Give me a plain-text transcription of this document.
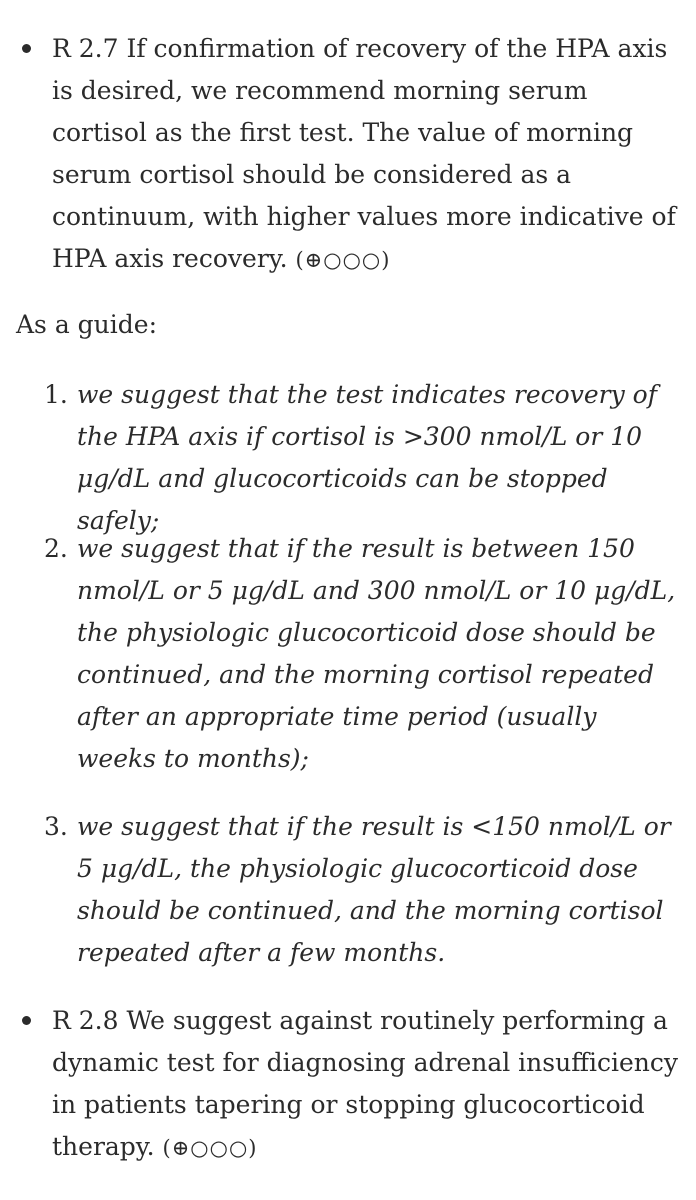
R 2.7 If confirmation of recovery of the HPA axis is desired, we recommend morning serum cortisol as the first test. The value of morning serum cortisol should be considered as a continuum, with higher values more indicative of HPA axis recovery. (⊕○○○)

As a guide:

1. we suggest that the test indicates recovery of the HPA axis if cortisol is >300 nmol/L or 10 μg/dL and glucocorticoids can be stopped safely;

2. we suggest that if the result is between 150 nmol/L or 5 μg/dL and 300 nmol/L or 10 μg/dL, the physiologic glucocorticoid dose should be continued, and the morning cortisol repeated after an appropriate time period (usually weeks to months);

3. we suggest that if the result is <150 nmol/L or 5 μg/dL, the physiologic glucocorticoid dose should be continued, and the morning cortisol repeated after a few months.

R 2.8 We suggest against routinely performing a dynamic test for diagnosing adrenal insufficiency in patients tapering or stopping glucocorticoid therapy. (⊕○○○)
